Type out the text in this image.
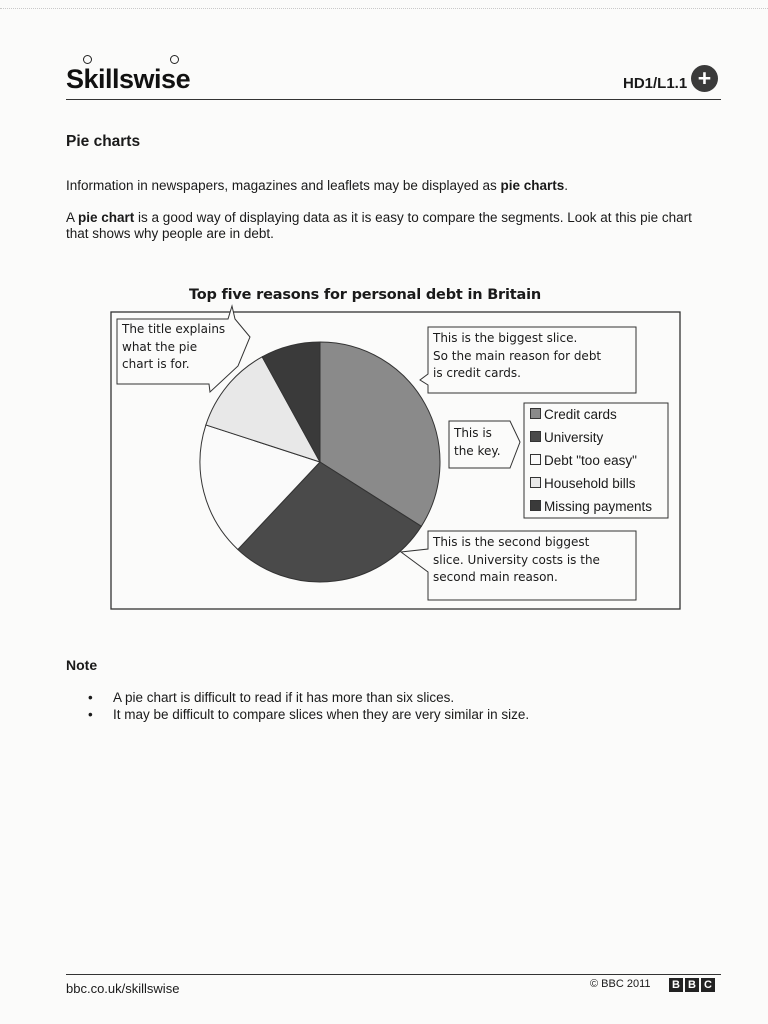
Skillswise	HD1/L1.1 +
Pie charts

Information in newspapers, magazines and leaflets may be displayed as pie charts.

A pie chart is a good way of displaying data as it is easy to compare the segments. Look at this pie chart that shows why people are in debt.

Top five reasons for personal debt in Britain
The title explains
what the pie
chart is for.
This is the biggest slice.
So the main reason for debt
is credit cards.
This is
the key.
This is the second biggest
slice. University costs is the
second main reason.
Credit cards
University
Debt "too easy"
Household bills
Missing payments
Note
• A pie chart is difficult to read if it has more than six slices.
• It may be difficult to compare slices when they are very similar in size.
bbc.co.uk/skillswise	© BBC 2011 B B C
